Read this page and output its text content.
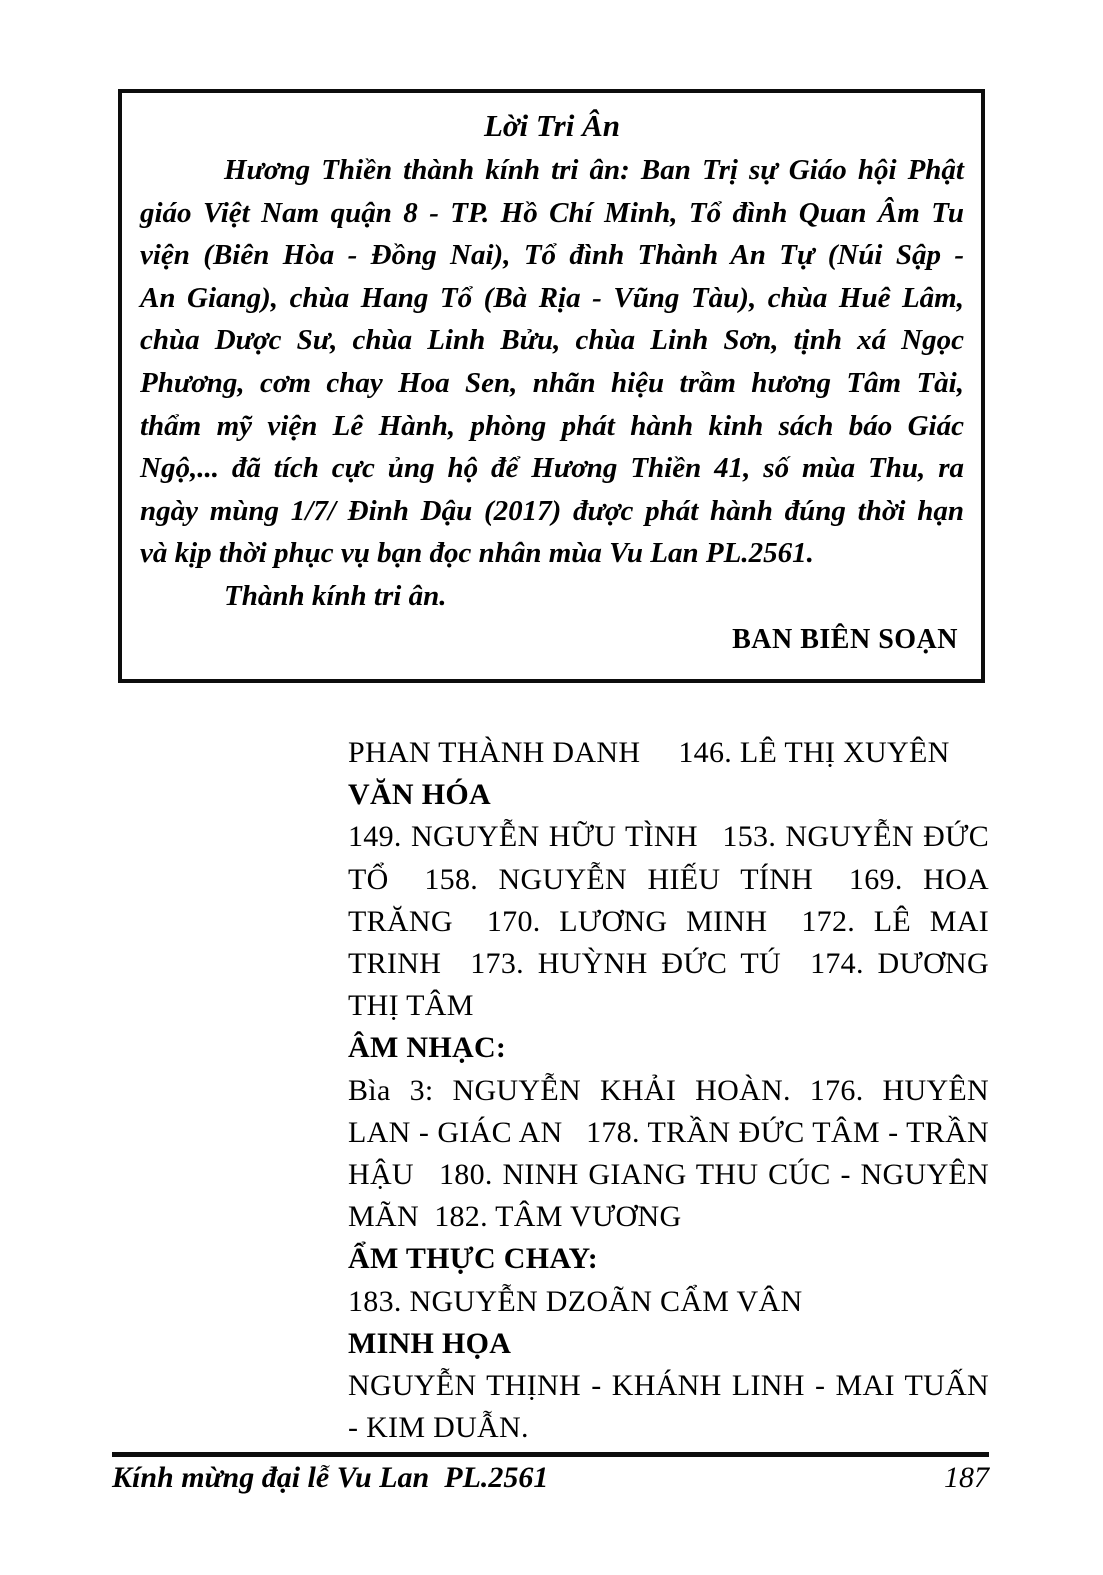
Lời Tri Ân
Hương Thiền thành kính tri ân: Ban Trị sự Giáo hội Phật
giáo Việt Nam quận 8 - TP. Hồ Chí Minh, Tổ đình Quan Âm Tu
viện (Biên Hòa - Đồng Nai), Tổ đình Thành An Tự (Núi Sập -
An Giang), chùa Hang Tổ (Bà Rịa - Vũng Tàu), chùa Huê Lâm,
chùa Dược Sư, chùa Linh Bửu, chùa Linh Sơn, tịnh xá Ngọc
Phương, cơm chay Hoa Sen, nhãn hiệu trầm hương Tâm Tài,
thẩm mỹ viện Lê Hành, phòng phát hành kinh sách báo Giác
Ngộ,... đã tích cực ủng hộ để Hương Thiền 41, số mùa Thu, ra
ngày mùng 1/7/ Đinh Dậu (2017) được phát hành đúng thời hạn
và kịp thời phục vụ bạn đọc nhân mùa Vu Lan PL.2561.
Thành kính tri ân.
BAN BIÊN SOẠN
PHAN THÀNH DANH  146. LÊ THỊ XUYÊN
VĂN HÓA
149. NGUYỄN HỮU TÌNH  153. NGUYỄN ĐỨC
TỔ  158. NGUYỄN HIẾU TÍNH  169. HOA
TRĂNG  170. LƯƠNG MINH  172. LÊ MAI
TRINH  173. HUỲNH ĐỨC TÚ  174. DƯƠNG
THỊ TÂM
ÂM NHẠC:
Bìa 3: NGUYỄN KHẢI HOÀN. 176. HUYÊN
LAN - GIÁC AN  178. TRẦN ĐỨC TÂM - TRẦN
HẬU  180. NINH GIANG THU CÚC - NGUYÊN
MÃN 182. TÂM VƯƠNG
ẨM THỰC CHAY:
183. NGUYỄN DZOÃN CẨM VÂN
MINH HỌA
NGUYỄN THỊNH - KHÁNH LINH - MAI TUẤN
- KIM DUẪN.
Kính mừng đại lễ Vu Lan PL.2561	187
